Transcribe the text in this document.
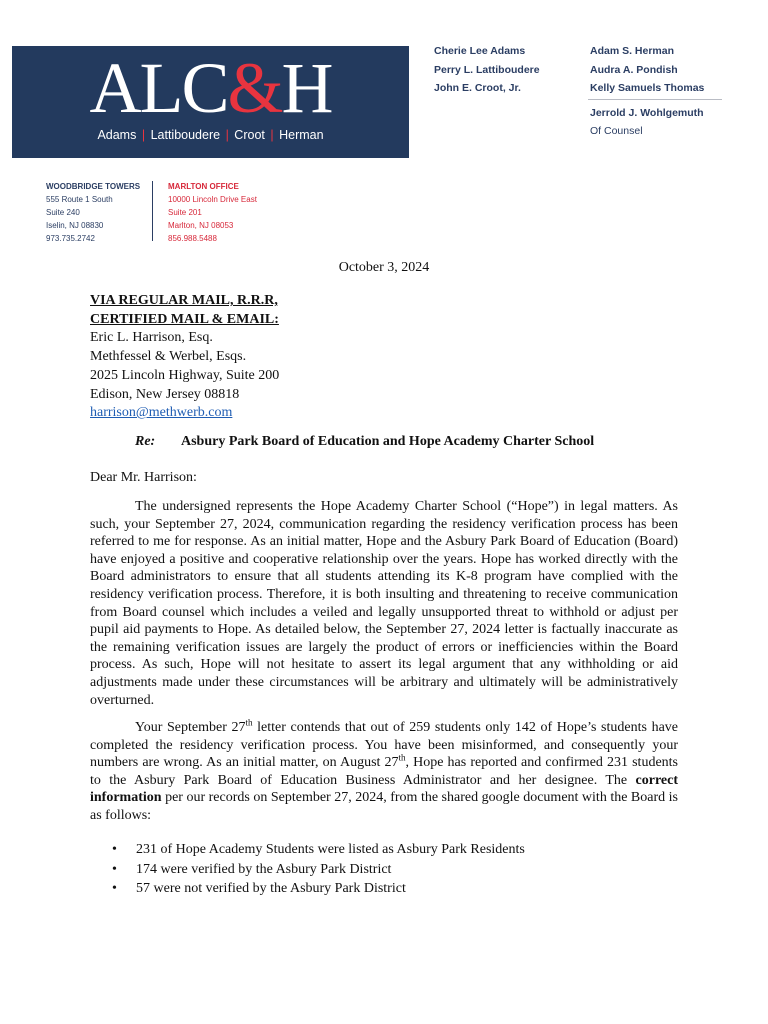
ALC&H
Adams | Lattiboudere | Croot | Herman
Cherie Lee Adams
Perry L. Lattiboudere
John E. Croot, Jr.
Adam S. Herman
Audra A. Pondish
Kelly Samuels Thomas
Jerrold J. Wohlgemuth
Of Counsel
WOODBRIDGE TOWERS
555 Route 1 South
Suite 240
Iselin, NJ 08830
973.735.2742
MARLTON OFFICE
10000 Lincoln Drive East
Suite 201
Marlton, NJ 08053
856.988.5488
October 3, 2024
VIA REGULAR MAIL, R.R.R,
CERTIFIED MAIL & EMAIL:
Eric L. Harrison, Esq.
Methfessel & Werbel, Esqs.
2025 Lincoln Highway, Suite 200
Edison, New Jersey 08818
harrison@methwerb.com
Re: Asbury Park Board of Education and Hope Academy Charter School
Dear Mr. Harrison:

The undersigned represents the Hope Academy Charter School (“Hope”) in legal matters. As such, your September 27, 2024, communication regarding the residency verification process has been referred to me for response. As an initial matter, Hope and the Asbury Park Board of Education (Board) have enjoyed a positive and cooperative relationship over the years. Hope has worked directly with the Board administrators to ensure that all students attending its K-8 program have complied with the residency verification process. Therefore, it is both insulting and threatening to receive communication from Board counsel which includes a veiled and legally unsupported threat to withhold or adjust per pupil aid payments to Hope. As detailed below, the September 27, 2024 letter is factually inaccurate as the remaining verification issues are largely the product of errors or inefficiencies within the Board process. As such, Hope will not hesitate to assert its legal argument that any withholding or aid adjustments made under these circumstances will be arbitrary and ultimately will be administratively overturned.

Your September 27th letter contends that out of 259 students only 142 of Hope’s students have completed the residency verification process. You have been misinformed, and consequently your numbers are wrong. As an initial matter, on August 27th, Hope has reported and confirmed 231 students to the Asbury Park Board of Education Business Administrator and her designee. The correct information per our records on September 27, 2024, from the shared google document with the Board is as follows:

• 231 of Hope Academy Students were listed as Asbury Park Residents
• 174 were verified by the Asbury Park District
• 57 were not verified by the Asbury Park District
